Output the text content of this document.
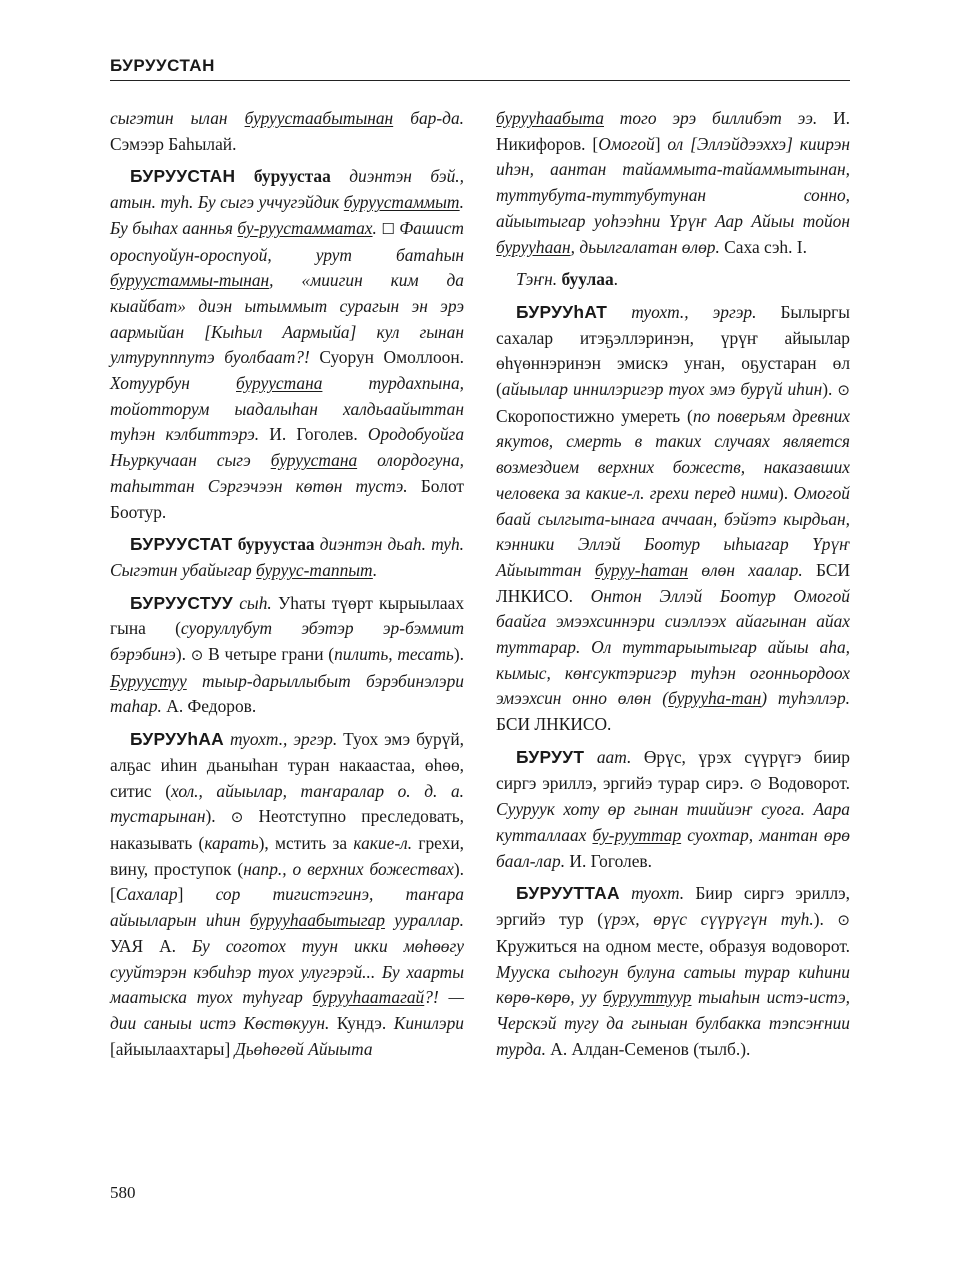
БУРУУСТАН

сыгэтин ылан буруустаабытынан бар-да. Сэмээр Баhылай.

БУРУУСТАН буруустаа диэнтэн бэй., атын. туh. Бу сыгэ уччугэйдик буруустаммыт. Бу быhах ааннья бу-руустамматах. ☐ Фашист ороспуойун-ороспуой, урут батаhын буруустаммы-тынан, «миигин ким да кыайбат» диэн ытыммыт сурагын эн эрэ аармыйан [Кыhыл Аармыйа] кул гынан ултурупппутэ буолбаат?! Суорун Омоллоон. Хотуурбун буруустана турдахпына, тойотторум ыадалыhан халдьаайыттан тyhэн кэлбиттэрэ. И. Гоголев. Ородобуойга Ньуркучаан сыгэ буруустана олордогуна, таhыттан Сэргэчээн көтөн тустэ. Болот Боотур.

БУРУУСТАТ буруустаа диэнтэн дьаh. туh. Сыгэтин убайыгар буруус-таппыт.

БУРУУСТУУ сыh. Уhаты түөрт кырыылаах гына (суоруллубут эбэтэр эр-бэммит бэрэбинэ). ⊙ В четыре грани (пилить, тесать). Буруустуу тыыр-дарыллыбыт бэрэбинэлэри таhар. А. Федоров.

БУРУУhАА туохт., эргэр. Туох эмэ бурүй, алҕас иhин дьаныhан туран накаастаа, өhөө, ситис (хол., айыылар, таҥаралар о. д. а. тустарынан). ⊙ Неотступно преследовать, наказывать (карать), мстить за какие-л. грехи, вину, проступок (напр., о верхних божествах). [Сахалар] сор тигистэгинэ, таҥара айыыларын иhин бурууhаабытыгар уураллар. УАЯ А. Бу соготох туун икки мөhөөгу сууйтэрэн кэбиhэр туох улугэрэй... Бу хаарты маатыска туох туhугар бурууhаатагай?! — дии саныы истэ Көстөкуун. Кундэ. Кинилэри [айыылаахтары] Дьөhөгөй Айыыта

бурууhаабыта тогo эрэ биллибэт ээ. И. Никифоров. [Омогой] ол [Эллэйдээххэ] киирэн иhэн, аантан тайаммыта-тайаммытынан, туттубута-туттубутунан сонно, айыытыгар уоhээhни Үрүҥ Аар Айыы тойон бурууhаан, дьылгалатан өлөр. Саха сэh. I.

Тэҥн. буулаа.

БУРУУhАТ туохт., эргэр. Былыргы сахалар итэҕэллэринэн, үрүҥ айыылар өhүөннэринэн эмискэ уҥан, оҕустаран өл (айыылар иннилэригэр туох эмэ бурүй иhин). ⊙ Скоропостижно умереть (по поверьям древних якутов, смерть в таких случаях является возмездием верхних божеств, наказавших человека за какие-л. грехи перед ними). Омогой баай сылгыта-ынага аччаан, бэйэтэ кырдьан, кэнники Эллэй Боотур ыhыагар Үрүҥ Айыыттан буруу-hатан өлөн хаалар. БСИ ЛНКИСО. Онтон Эллэй Боотур Омогой баайга эмээхсиннэри сиэллээх айагынан айах туттарар. Ол туттарыытыгар айыы аhа, кымыс, көҥсуктэригэр тyhэн огонньордоох эмээхсин онно өлөн (бурууhа-тан) тyhэллэр. БСИ ЛНКИСО.

БУРУУТ аат. Өрүс, үрэх сүүрүгэ биир сиргэ эриллэ, эргийэ турар сирэ. ⊙ Водоворот. Сууруук хоту өр гынан тиийиэҥ суога. Аара кутталлаах бу-рууттар суохтар, мантан өрө баал-лар. И. Гоголев.

БУРУУТТАА туохт. Биир сиргэ эриллэ, эргийэ тур (үрэх, өрүс сүүрүгүн туh.). ⊙ Кружиться на одном месте, образуя водоворот. Мууска сыhогун булуна сатыы турар киhини көрө-көрө, уу бурууттуур тыаhын истэ-истэ, Черскэй тугу да гыныан булбакка тэпсэҥнии турда. А. Алдан-Семенов (тылб.).

580
